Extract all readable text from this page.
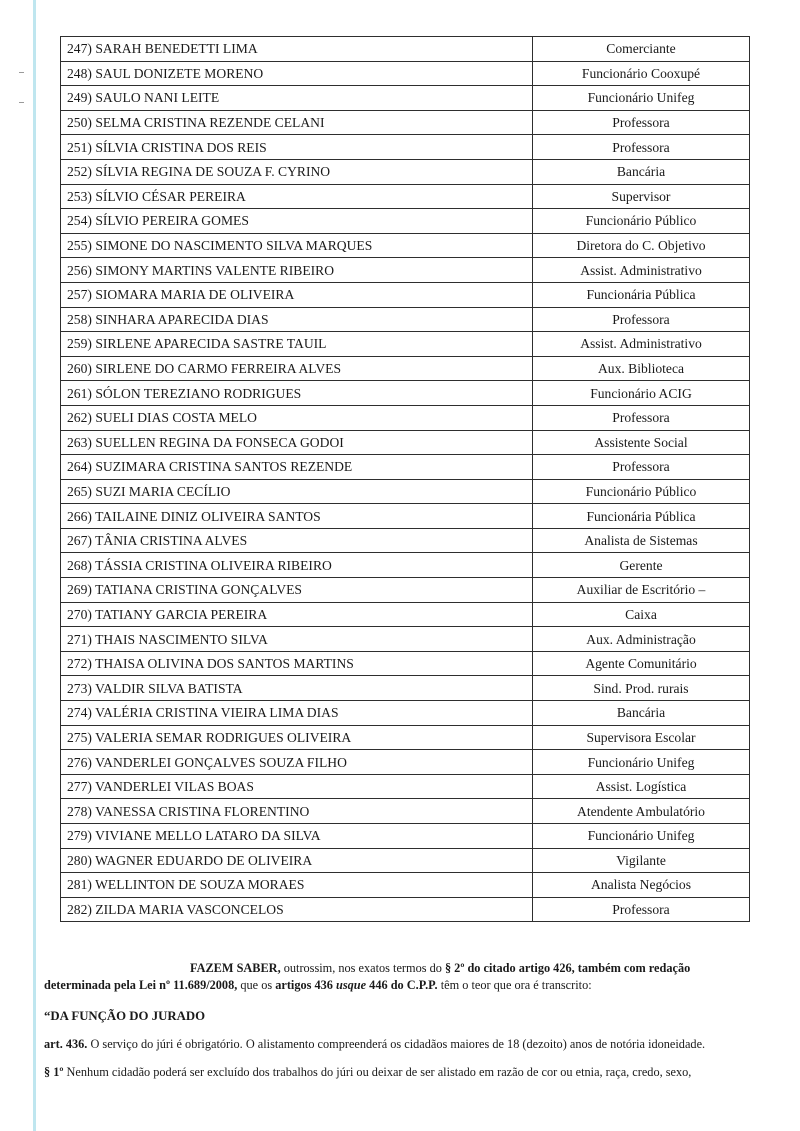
247) SARAH BENEDETTI LIMA	Comerciante
248) SAUL DONIZETE MORENO	Funcionário Cooxupé
249) SAULO NANI LEITE	Funcionário Unifeg
250) SELMA CRISTINA REZENDE CELANI	Professora
251) SÍLVIA CRISTINA DOS REIS	Professora
252) SÍLVIA REGINA DE SOUZA F. CYRINO	Bancária
253) SÍLVIO CÉSAR PEREIRA	Supervisor
254) SÍLVIO PEREIRA GOMES	Funcionário Público
255) SIMONE DO NASCIMENTO SILVA MARQUES	Diretora do C. Objetivo
256) SIMONY MARTINS VALENTE RIBEIRO	Assist. Administrativo
257) SIOMARA MARIA DE OLIVEIRA	Funcionária Pública
258) SINHARA APARECIDA DIAS	Professora
259) SIRLENE APARECIDA SASTRE TAUIL	Assist. Administrativo
260) SIRLENE DO CARMO FERREIRA ALVES	Aux. Biblioteca
261) SÓLON TEREZIANO RODRIGUES	Funcionário ACIG
262) SUELI DIAS COSTA MELO	Professora
263) SUELLEN REGINA DA FONSECA GODOI	Assistente Social
264) SUZIMARA CRISTINA SANTOS REZENDE	Professora
265) SUZI MARIA CECÍLIO	Funcionário Público
266) TAILAINE DINIZ OLIVEIRA SANTOS	Funcionária Pública
267) TÂNIA CRISTINA ALVES	Analista de Sistemas
268) TÁSSIA CRISTINA OLIVEIRA RIBEIRO	Gerente
269) TATIANA CRISTINA GONÇALVES	Auxiliar de Escritório –
270) TATIANY GARCIA PEREIRA	Caixa
271) THAIS NASCIMENTO SILVA	Aux. Administração
272) THAISA OLIVINA DOS SANTOS MARTINS	Agente Comunitário
273) VALDIR SILVA BATISTA	Sind. Prod. rurais
274) VALÉRIA CRISTINA VIEIRA LIMA DIAS	Bancária
275) VALERIA SEMAR RODRIGUES OLIVEIRA	Supervisora Escolar
276) VANDERLEI GONÇALVES SOUZA FILHO	Funcionário Unifeg
277) VANDERLEI VILAS BOAS	Assist. Logística
278) VANESSA CRISTINA FLORENTINO	Atendente Ambulatório
279) VIVIANE MELLO LATARO DA SILVA	Funcionário Unifeg
280) WAGNER EDUARDO DE OLIVEIRA	Vigilante
281) WELLINTON DE SOUZA MORAES	Analista Negócios
282) ZILDA MARIA VASCONCELOS	Professora

FAZEM SABER, outrossim, nos exatos termos do § 2º do citado artigo 426, também com redação determinada pela Lei nº 11.689/2008, que os artigos 436 usque 446 do C.P.P. têm o teor que ora é transcrito:

“DA FUNÇÃO DO JURADO

art. 436. O serviço do júri é obrigatório. O alistamento compreenderá os cidadãos maiores de 18 (dezoito) anos de notória idoneidade.

§ 1º Nenhum cidadão poderá ser excluído dos trabalhos do júri ou deixar de ser alistado em razão de cor ou etnia, raça, credo, sexo,
